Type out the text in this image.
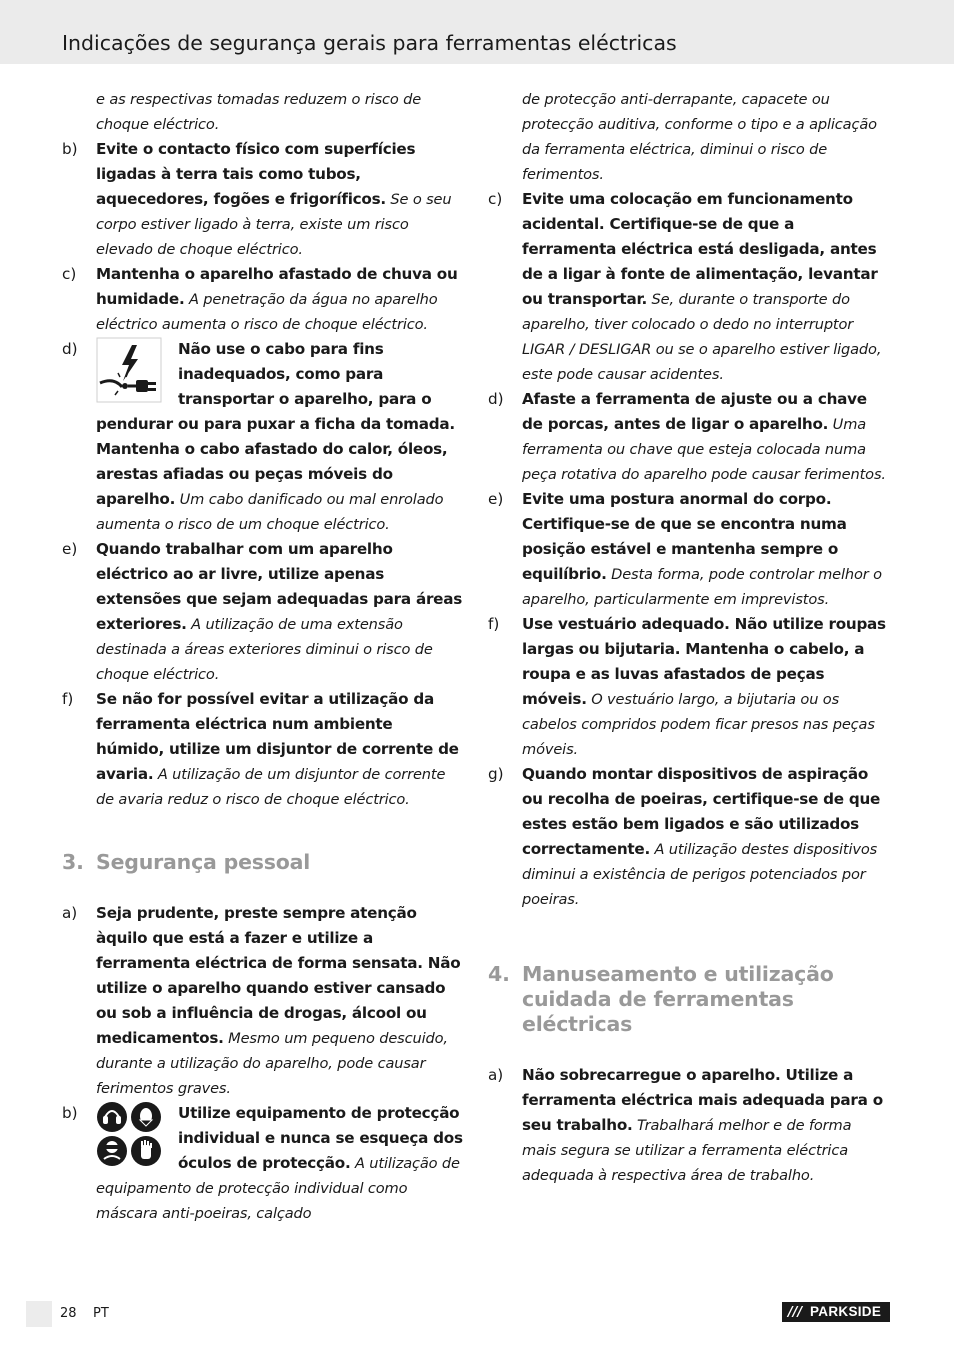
Indicações de segurança gerais para ferramentas eléctricas
e as respectivas tomadas reduzem o risco de choque eléctrico.
b) Evite o contacto físico com superfícies ligadas à terra tais como tubos, aquecedores, fogões e frigoríficos. Se o seu corpo estiver ligado à terra, existe um risco elevado de choque eléctrico.
c) Mantenha o aparelho afastado de chuva ou humidade. A penetração da água no aparelho eléctrico aumenta o risco de choque eléctrico.
d)	Não use o cabo para fins inadequados, como para transportar o aparelho, para o pendurar ou para puxar a ficha da tomada. Mantenha o cabo afastado do calor, óleos, arestas afiadas ou peças móveis do aparelho. Um cabo danificado ou mal enrolado aumenta o risco de um choque eléctrico.
e) Quando trabalhar com um aparelho eléctrico ao ar livre, utilize apenas extensões que sejam adequadas para áreas exteriores. A utilização de uma extensão destinada a áreas exteriores diminui o risco de choque eléctrico.
f) Se não for possível evitar a utilização da ferramenta eléctrica num ambiente húmido, utilize um disjuntor de corrente de avaria. A utilização de um disjuntor de corrente de avaria reduz o risco de choque eléctrico.
3. Segurança pessoal
a) Seja prudente, preste sempre atenção àquilo que está a fazer e utilize a ferramenta eléctrica de forma sensata. Não utilize o aparelho quando estiver cansado ou sob a influência de drogas, álcool ou medicamentos. Mesmo um pequeno descuido, durante a utilização do aparelho, pode causar ferimentos graves.
b)	Utilize equipamento de protecção individual e nunca se esqueça dos óculos de protecção. A utilização de equipamento de protecção individual como máscara anti-poeiras, calçado
de protecção anti-derrapante, capacete ou protecção auditiva, conforme o tipo e a aplicação da ferramenta eléctrica, diminui o risco de ferimentos.
c) Evite uma colocação em funcionamento acidental. Certifique-se de que a ferramenta eléctrica está desligada, antes de a ligar à fonte de alimentação, levantar ou transportar. Se, durante o transporte do aparelho, tiver colocado o dedo no interruptor LIGAR / DESLIGAR ou se o aparelho estiver ligado, este pode causar acidentes.
d) Afaste a ferramenta de ajuste ou a chave de porcas, antes de ligar o aparelho. Uma ferramenta ou chave que esteja colocada numa peça rotativa do aparelho pode causar ferimentos.
e) Evite uma postura anormal do corpo. Certifique-se de que se encontra numa posição estável e mantenha sempre o equilíbrio. Desta forma, pode controlar melhor o aparelho, particularmente em imprevistos.
f) Use vestuário adequado. Não utilize roupas largas ou bijutaria. Mantenha o cabelo, a roupa e as luvas afastados de peças móveis. O vestuário largo, a bijutaria ou os cabelos compridos podem ficar presos nas peças móveis.
g) Quando montar dispositivos de aspiração ou recolha de poeiras, certifique-se de que estes estão bem ligados e são utilizados correctamente. A utilização destes dispositivos diminui a existência de perigos potenciados por poeiras.
4. Manuseamento e utilização cuidada de ferramentas eléctricas
a) Não sobrecarregue o aparelho. Utilize a ferramenta eléctrica mais adequada para o seu trabalho. Trabalhará melhor e de forma mais segura se utilizar a ferramenta eléctrica adequada à respectiva área de trabalho.
28 PT	/// PARKSIDE
